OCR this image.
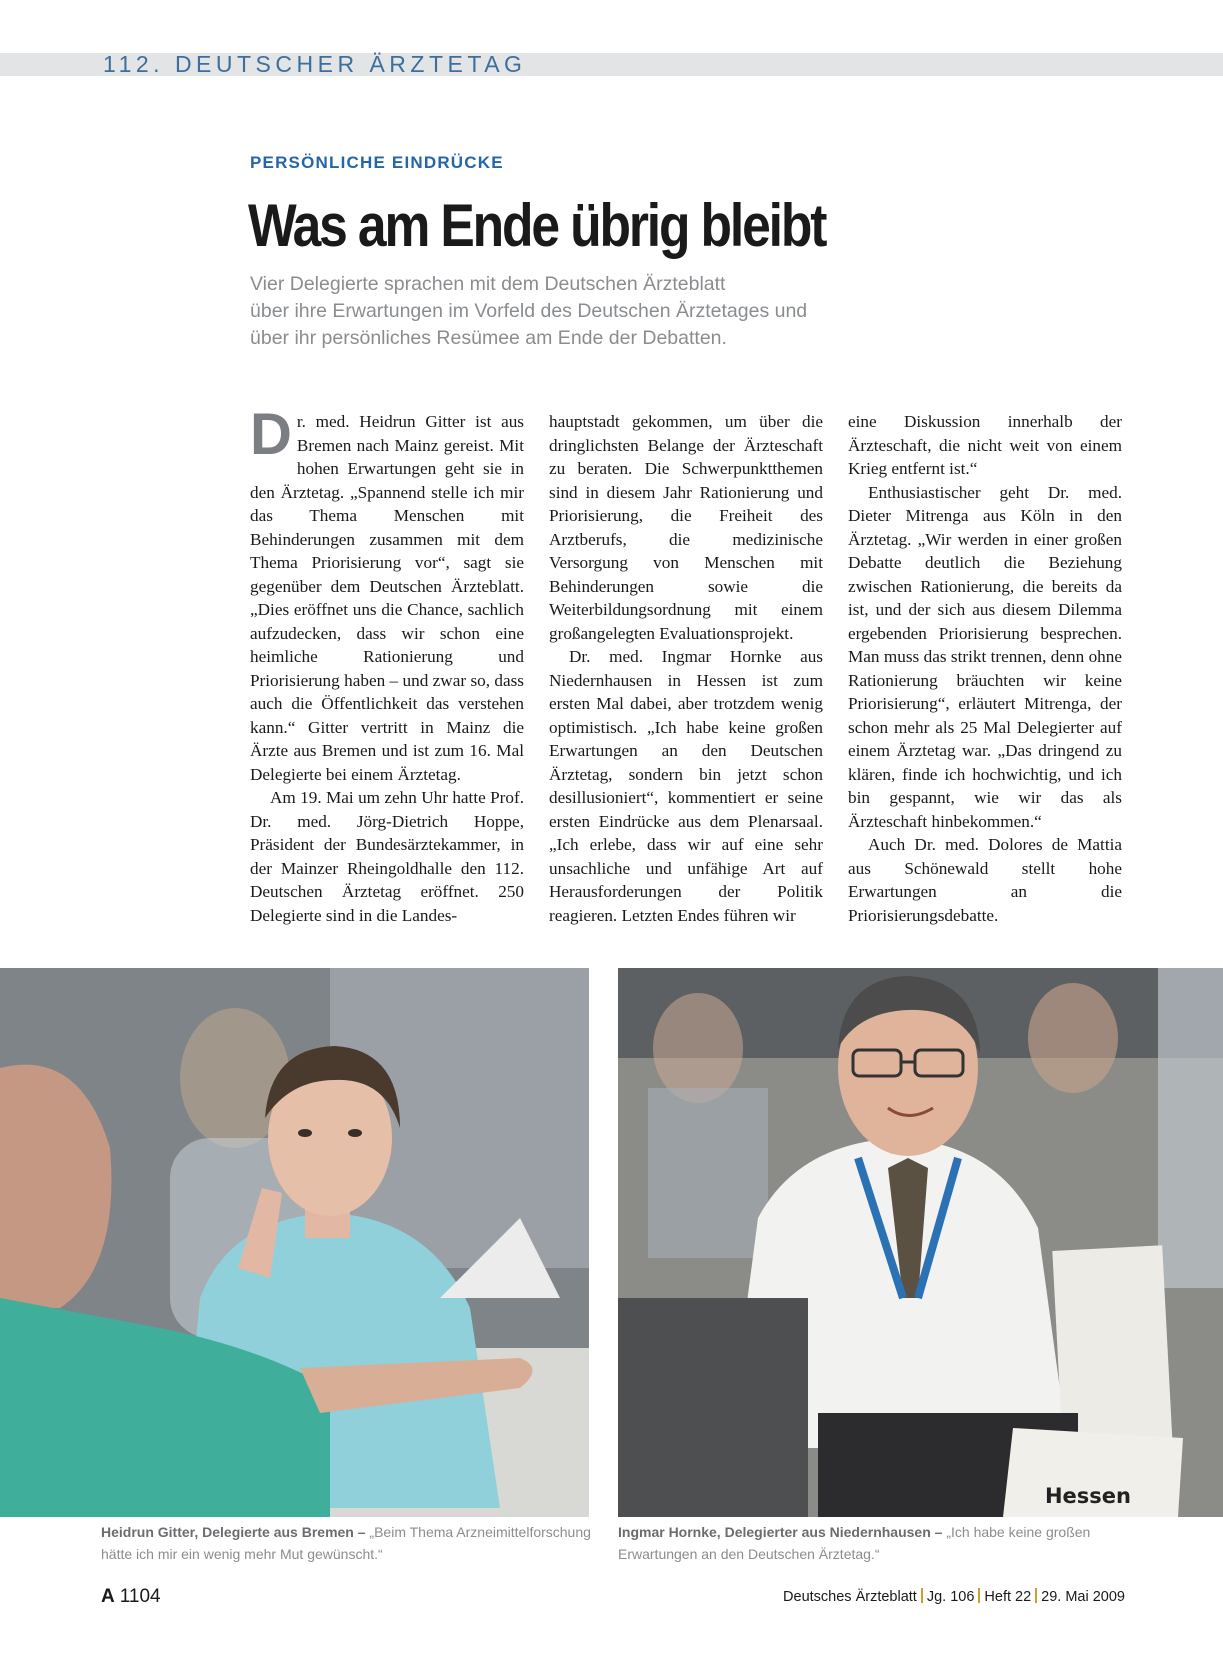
112. DEUTSCHER ÄRZTETAG
PERSÖNLICHE EINDRÜCKE
Was am Ende übrig bleibt
Vier Delegierte sprachen mit dem Deutschen Ärzteblatt
über ihre Erwartungen im Vorfeld des Deutschen Ärztetages und
über ihr persönliches Resümee am Ende der Debatten.

Dr. med. Heidrun Gitter ist aus Bremen nach Mainz gereist. Mit hohen Erwartungen geht sie in den Ärztetag. „Spannend stelle ich mir das Thema Menschen mit Behinderungen zusammen mit dem Thema Priorisierung vor“, sagt sie gegenüber dem Deutschen Ärzteblatt. „Dies eröffnet uns die Chance, sachlich aufzudecken, dass wir schon eine heimliche Rationierung und Priorisierung haben – und zwar so, dass auch die Öffentlichkeit das verstehen kann.“ Gitter vertritt in Mainz die Ärzte aus Bremen und ist zum 16. Mal Delegierte bei einem Ärztetag.

Am 19. Mai um zehn Uhr hatte Prof. Dr. med. Jörg-Dietrich Hoppe, Präsident der Bundesärztekammer, in der Mainzer Rheingoldhalle den 112. Deutschen Ärztetag eröffnet. 250 Delegierte sind in die Landes-

hauptstadt gekommen, um über die dringlichsten Belange der Ärzteschaft zu beraten. Die Schwerpunktthemen sind in diesem Jahr Rationierung und Priorisierung, die Freiheit des Arztberufs, die medizinische Versorgung von Menschen mit Behinderungen sowie die Weiterbildungsordnung mit einem großangelegten Evaluationsprojekt.

Dr. med. Ingmar Hornke aus Niedernhausen in Hessen ist zum ersten Mal dabei, aber trotzdem wenig optimistisch. „Ich habe keine großen Erwartungen an den Deutschen Ärztetag, sondern bin jetzt schon desillusioniert“, kommentiert er seine ersten Eindrücke aus dem Plenarsaal. „Ich erlebe, dass wir auf eine sehr unsachliche und unfähige Art auf Herausforderungen der Politik reagieren. Letzten Endes führen wir

eine Diskussion innerhalb der Ärzteschaft, die nicht weit von einem Krieg entfernt ist.“

Enthusiastischer geht Dr. med. Dieter Mitrenga aus Köln in den Ärztetag. „Wir werden in einer großen Debatte deutlich die Beziehung zwischen Rationierung, die bereits da ist, und der sich aus diesem Dilemma ergebenden Priorisierung besprechen. Man muss das strikt trennen, denn ohne Rationierung bräuchten wir keine Priorisierung“, erläutert Mitrenga, der schon mehr als 25 Mal Delegierter auf einem Ärztetag war. „Das dringend zu klären, finde ich hochwichtig, und ich bin gespannt, wie wir das als Ärzteschaft hinbekommen.“

Auch Dr. med. Dolores de Mattia aus Schönewald stellt hohe Erwartungen an die Priorisierungsdebatte.

Hessen
Heidrun Gitter, Delegierte aus Bremen – „Beim Thema Arzneimittelforschung hätte ich mir ein wenig mehr Mut gewünscht.“
Ingmar Hornke, Delegierter aus Niedernhausen – „Ich habe keine großen Erwartungen an den Deutschen Ärztetag.“
A 1104	Deutsches Ärzteblatt Jg. 106 Heft 22 29. Mai 2009
